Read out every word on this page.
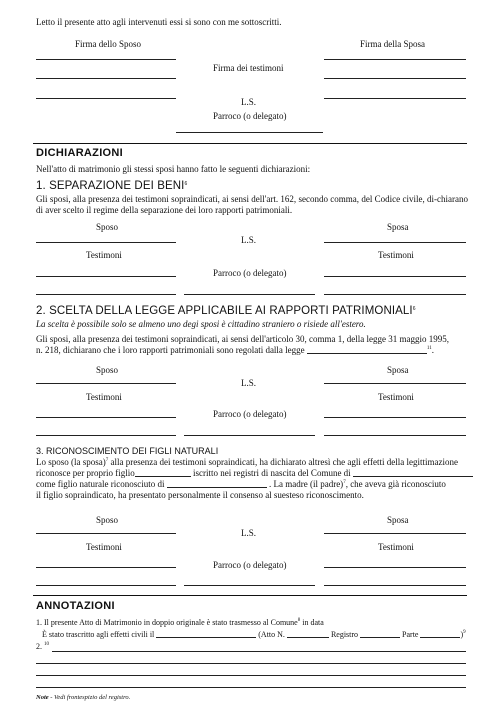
Letto il presente atto agli intervenuti essi si sono con me sottoscritti.
Firma dello Sposo	Firma della Sposa
Firma dei testimoni
L.S.
Parroco (o delegato)
DICHIARAZIONI
Nell'atto di matrimonio gli stessi sposi hanno fatto le seguenti dichiarazioni:
1. SEPARAZIONE DEI BENI$^6$
Gli sposi, alla presenza dei testimoni sopraindicati, ai sensi dell'art. 162, secondo comma, del Codice civile, di-chiarano di aver scelto il regime della separazione dei loro rapporti patrimoniali.
Sposo	Sposa
L.S.
Testimoni	Testimoni
Parroco (o delegato)
2. SCELTA DELLA LEGGE APPLICABILE AI RAPPORTI PATRIMONIALI$^6$
La scelta è possibile solo se almeno uno degi sposi è cittadino straniero o risiede all'estero.
Gli sposi, alla presenza dei testimoni sopraindicati, ai sensi dell'articolo 30, comma 1, della legge 31 maggio 1995,
n. 218, dichiarano che i loro rapporti patrimoniali sono regolati dalla legge	$^{11}$.
Sposo	Sposa
L.S.
Testimoni	Testimoni
Parroco (o delegato)
3. RICONOSCIMENTO DEI FIGLI NATURALI
Lo sposo (la sposa)$^7$ alla presenza dei testimoni sopraindicati, ha dichiarato altresì che agli effetti della legittimazione
riconosce per proprio figlio	iscritto nei registri di nascita del Comune di
come figlio naturale riconosciuto di	. La madre (il padre)$^7$, che aveva già riconosciuto
il figlio sopraindicato, ha presentato personalmente il consenso al suesteso riconoscimento.
Sposo	Sposa
L.S.
Testimoni	Testimoni
Parroco (o delegato)
ANNOTAZIONI
1. Il presente Atto di Matrimonio in doppio originale è stato trasmesso al Comune$^8$ in data
È stato trascritto agli effetti civili il	(Atto N.	Registro	Parte	)$^9$
2. $^{10}$
Note - Vedi frontespizio del registro.
